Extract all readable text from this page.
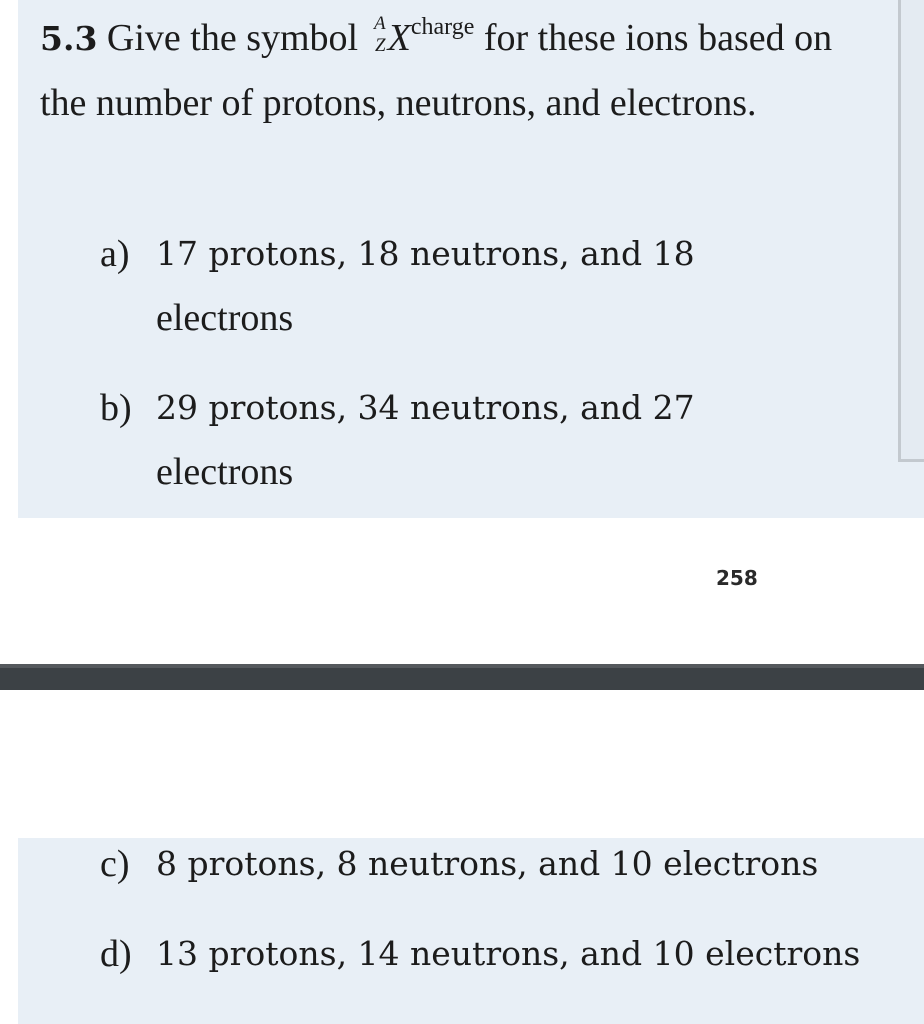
5.3 Give the symbol A
Z $X^{charge}$ for these ions based on the number of protons, neutrons, and electrons.
a) 17 protons, 18 neutrons, and 18
electrons
b) 29 protons, 34 neutrons, and 27
electrons
258
c) 8 protons, 8 neutrons, and 10 electrons
d) 13 protons, 14 neutrons, and 10 electrons
